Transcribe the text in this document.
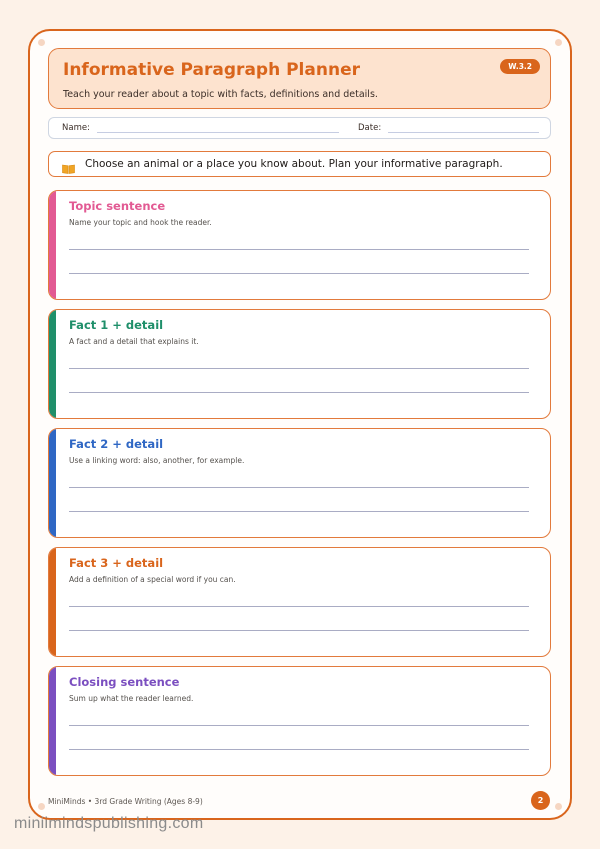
Informative Paragraph Planner
Teach your reader about a topic with facts, definitions and details.
W.3.2
Name:	Date:
Choose an animal or a place you know about. Plan your informative paragraph.
Topic sentence
Name your topic and hook the reader.
Fact 1 + detail
A fact and a detail that explains it.
Fact 2 + detail
Use a linking word: also, another, for example.
Fact 3 + detail
Add a definition of a special word if you can.
Closing sentence
Sum up what the reader learned.
MiniMinds • 3rd Grade Writing (Ages 8-9)	2
miniimindspublishing.com
